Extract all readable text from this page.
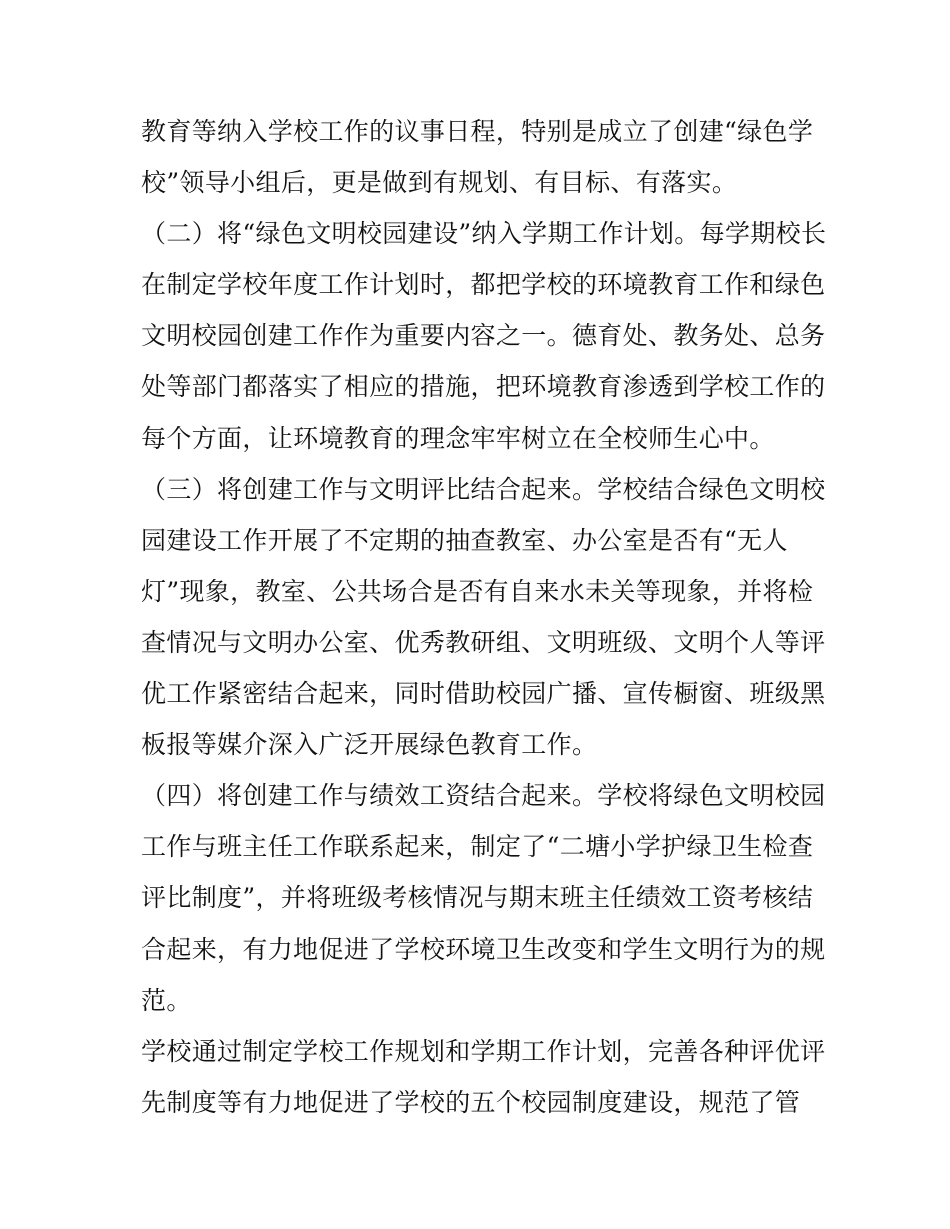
教育等纳入学校工作的议事日程，特别是成立了创建“绿色学

校”领导小组后，更是做到有规划、有目标、有落实。

（二）将“绿色文明校园建设”纳入学期工作计划。每学期校长

在制定学校年度工作计划时，都把学校的环境教育工作和绿色

文明校园创建工作作为重要内容之一。德育处、教务处、总务

处等部门都落实了相应的措施，把环境教育渗透到学校工作的

每个方面，让环境教育的理念牢牢树立在全校师生心中。

（三）将创建工作与文明评比结合起来。学校结合绿色文明校

园建设工作开展了不定期的抽查教室、办公室是否有“无人

灯”现象，教室、公共场合是否有自来水未关等现象，并将检

查情况与文明办公室、优秀教研组、文明班级、文明个人等评

优工作紧密结合起来，同时借助校园广播、宣传橱窗、班级黑

板报等媒介深入广泛开展绿色教育工作。

（四）将创建工作与绩效工资结合起来。学校将绿色文明校园

工作与班主任工作联系起来，制定了“二塘小学护绿卫生检查

评比制度”，并将班级考核情况与期末班主任绩效工资考核结

合起来，有力地促进了学校环境卫生改变和学生文明行为的规

范。

学校通过制定学校工作规划和学期工作计划，完善各种评优评

先制度等有力地促进了学校的五个校园制度建设，规范了管
